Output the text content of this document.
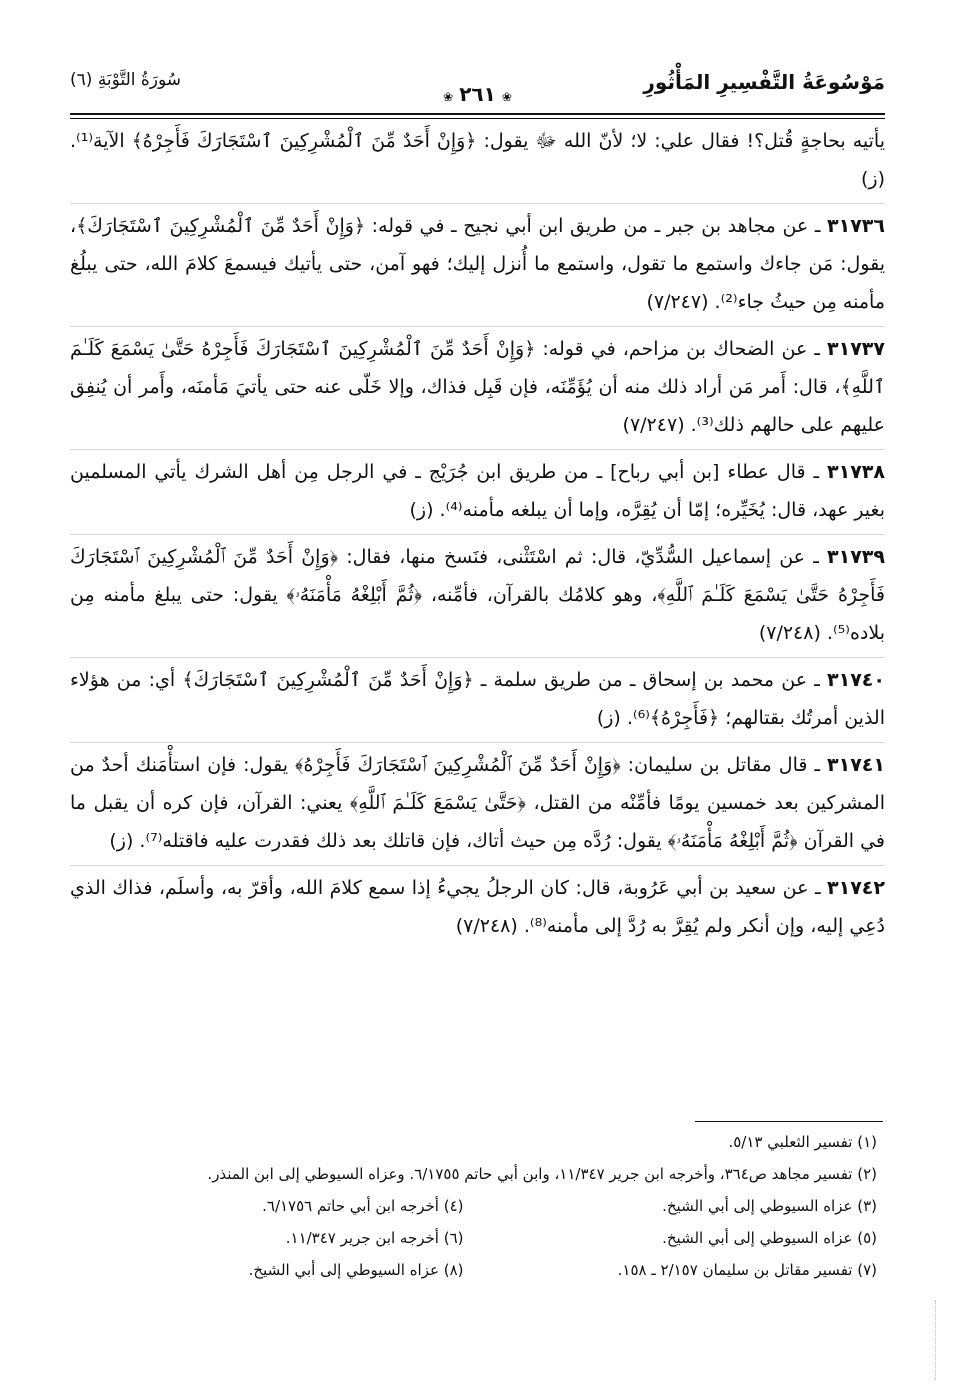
مَوْسُوعَةُ التَّفْسِيرِ المَأْثُورِ
❀٢٦١❀
سُورَةُ التَّوْبَةِ (٦)

يأتيه بحاجةٍ قُتل؟! فقال علي: لا؛ لأنّ الله ﷻ يقول: ﴿وَإِنْ أَحَدٌ مِّنَ ٱلْمُشْرِكِينَ ٱسْتَجَارَكَ فَأَجِرْهُ﴾ الآية⁽¹⁾. (ز)

٣١٧٣٦ ـ عن مجاهد بن جبر ـ من طريق ابن أبي نجيح ـ في قوله: ﴿وَإِنْ أَحَدٌ مِّنَ ٱلْمُشْرِكِينَ ٱسْتَجَارَكَ﴾، يقول: مَن جاءك واستمع ما تقول، واستمع ما أُنزل إليك؛ فهو آمن، حتى يأتيك فيسمعَ كلامَ الله، حتى يبلُغ مأمنه مِن حيثُ جاء⁽²⁾. (٧/٢٤٧)

٣١٧٣٧ ـ عن الضحاك بن مزاحم، في قوله: ﴿وَإِنْ أَحَدٌ مِّنَ ٱلْمُشْرِكِينَ ٱسْتَجَارَكَ فَأَجِرْهُ حَتَّىٰ يَسْمَعَ كَلَـٰمَ ٱللَّهِ﴾، قال: أَمر مَن أراد ذلك منه أن يُؤَمِّنَه، فإن قَبِل فذاك، وإلا خَلّى عنه حتى يأتيَ مَأمنَه، وأَمر أن يُنفِق عليهم على حالهم ذلك⁽³⁾. (٧/٢٤٧)

٣١٧٣٨ ـ قال عطاء [بن أبي رباح] ـ من طريق ابن جُرَيْج ـ في الرجل مِن أهل الشرك يأتي المسلمين بغير عهد، قال: يُخَيِّره؛ إمّا أن يُقِرَّه، وإما أن يبلغه مأمنه⁽⁴⁾. (ز)

٣١٧٣٩ ـ عن إسماعيل السُّدِّيّ، قال: ثم اسْتَثْنى، فنَسخ منها، فقال: ﴿وَإِنْ أَحَدٌ مِّنَ ٱلْمُشْرِكِينَ ٱسْتَجَارَكَ فَأَجِرْهُ حَتَّىٰ يَسْمَعَ كَلَـٰمَ ٱللَّهِ﴾، وهو كلامُك بالقرآن، فأمِّنه، ﴿ثُمَّ أَبْلِغْهُ مَأْمَنَهُۥ﴾ يقول: حتى يبلغ مأمنه مِن بلاده⁽⁵⁾. (٧/٢٤٨)

٣١٧٤٠ ـ عن محمد بن إسحاق ـ من طريق سلمة ـ ﴿وَإِنْ أَحَدٌ مِّنَ ٱلْمُشْرِكِينَ ٱسْتَجَارَكَ﴾ أي: من هؤلاء الذين أمرتُك بقتالهم؛ ﴿فَأَجِرْهُ﴾⁽⁶⁾. (ز)

٣١٧٤١ ـ قال مقاتل بن سليمان: ﴿وَإِنْ أَحَدٌ مِّنَ ٱلْمُشْرِكِينَ ٱسْتَجَارَكَ فَأَجِرْهُ﴾ يقول: فإن استأْمَنك أحدٌ من المشركين بعد خمسين يومًا فأمِّنْه من القتل، ﴿حَتَّىٰ يَسْمَعَ كَلَـٰمَ ٱللَّهِ﴾ يعني: القرآن، فإن كره أن يقبل ما في القرآن ﴿ثُمَّ أَبْلِغْهُ مَأْمَنَهُۥ﴾ يقول: رُدَّه مِن حيث أتاك، فإن قاتلك بعد ذلك فقدرت عليه فاقتله⁽⁷⁾. (ز)

٣١٧٤٢ ـ عن سعيد بن أبي عَرُوبة، قال: كان الرجلُ يجيءُ إذا سمع كلامَ الله، وأقرّ به، وأسلَم، فذاك الذي دُعِي إليه، وإن أنكر ولم يُقِرَّ به رُدَّ إلى مأمنه⁽⁸⁾. (٧/٢٤٨)

(١) تفسير الثعلبي ٥/١٣.

(٢) تفسير مجاهد ص٣٦٤، وأخرجه ابن جرير ١١/٣٤٧، وابن أبي حاتم ٦/١٧٥٥. وعزاه السيوطي إلى ابن المنذر.

(٣) عزاه السيوطي إلى أبي الشيخ.

(٤) أخرجه ابن أبي حاتم ٦/١٧٥٦.

(٥) عزاه السيوطي إلى أبي الشيخ.

(٦) أخرجه ابن جرير ١١/٣٤٧.

(٧) تفسير مقاتل بن سليمان ٢/١٥٧ ـ ١٥٨.

(٨) عزاه السيوطي إلى أبي الشيخ.
